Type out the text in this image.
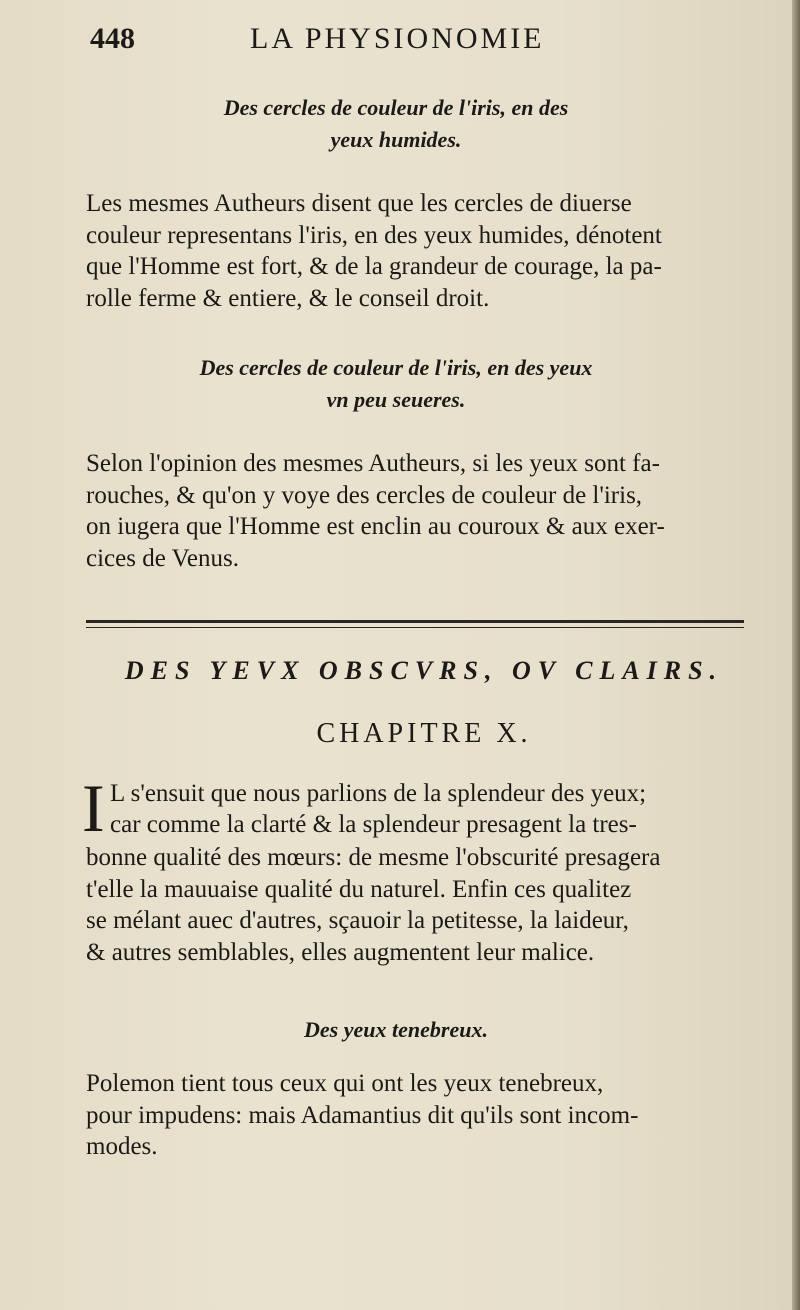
448	LA PHYSIONOMIE
Des cercles de couleur de l'iris, en des
yeux humides.
Les mesmes Autheurs disent que les cercles de diuerse
couleur representans l'iris, en des yeux humides, dénotent
que l'Homme est fort, & de la grandeur de courage, la pa-
rolle ferme & entiere, & le conseil droit.
Des cercles de couleur de l'iris, en des yeux
vn peu seueres.
Selon l'opinion des mesmes Autheurs, si les yeux sont fa-
rouches, & qu'on y voye des cercles de couleur de l'iris,
on iugera que l'Homme est enclin au couroux & aux exer-
cices de Venus.
DES YEVX OBSCVRS, OV CLAIRS.
CHAPITRE X.
I L s'ensuit que nous parlions de la splendeur des yeux;
car comme la clarté & la splendeur presagent la tres-
bonne qualité des mœurs: de mesme l'obscurité presagera
t'elle la mauuaise qualité du naturel. Enfin ces qualitez
se mélant auec d'autres, sçauoir la petitesse, la laideur,
& autres semblables, elles augmentent leur malice.
Des yeux tenebreux.
Polemon tient tous ceux qui ont les yeux tenebreux,
pour impudens: mais Adamantius dit qu'ils sont incom-
modes.
